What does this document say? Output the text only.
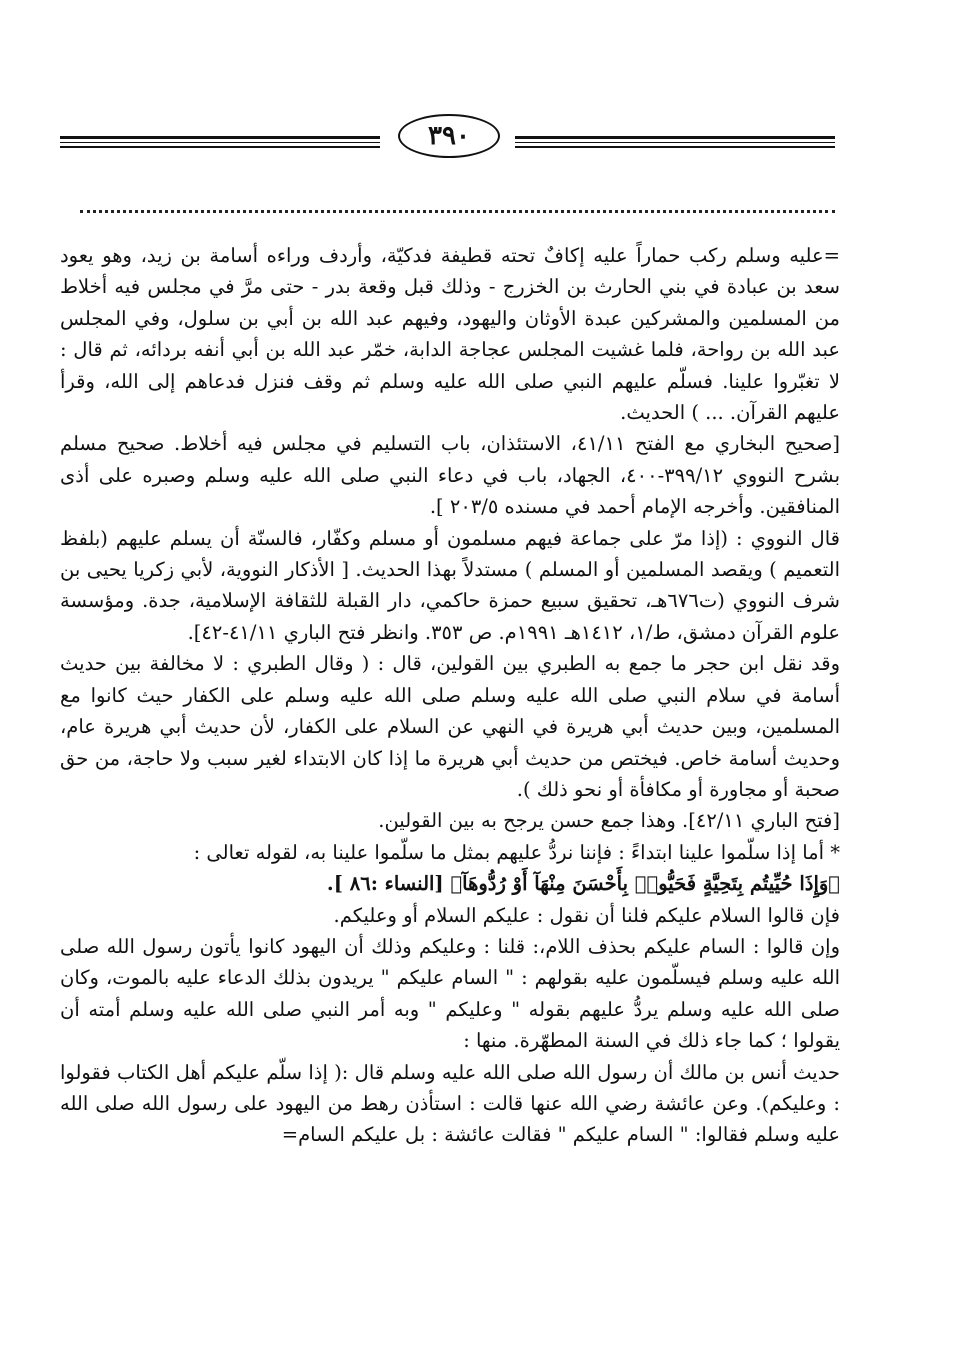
٣٩٠

=عليه وسلم ركب حماراً عليه إكافٌ تحته قطيفة فدكيّة، وأردف وراءه أسامة بن زيد، وهو يعود سعد بن عبادة في بني الحارث بن الخزرج - وذلك قبل وقعة بدر - حتى مرَّ في مجلس فيه أخلاط من المسلمين والمشركين عبدة الأوثان واليهود، وفيهم عبد الله بن أبي بن سلول، وفي المجلس عبد الله بن رواحة، فلما غشيت المجلس عجاجة الدابة، خمّر عبد الله بن أبي أنفه بردائه، ثم قال : لا تغبّروا علينا. فسلّم عليهم النبي صلى الله عليه وسلم ثم وقف فنزل فدعاهم إلى الله، وقرأ عليهم القرآن. ... ) الحديث.

[صحيح البخاري مع الفتح ٤١/١١، الاستئذان، باب التسليم في مجلس فيه أخلاط. صحيح مسلم بشرح النووي ٣٩٩/١٢-٤٠٠، الجهاد، باب في دعاء النبي صلى الله عليه وسلم وصبره على أذى المنافقين. وأخرجه الإمام أحمد في مسنده ٢٠٣/٥ ].

قال النووي : (إذا مرّ على جماعة فيهم مسلمون أو مسلم وكفّار، فالسنّة أن يسلم عليهم (بلفظ التعميم ) ويقصد المسلمين أو المسلم ) مستدلاً بهذا الحديث. [ الأذكار النووية، لأبي زكريا يحيى بن شرف النووي (ت٦٧٦هـ، تحقيق سبيع حمزة حاكمي، دار القبلة للثقافة الإسلامية، جدة. ومؤسسة علوم القرآن دمشق، ط/١، ١٤١٢هـ ١٩٩١م. ص ٣٥٣. وانظر فتح الباري ٤١/١١-٤٢].

وقد نقل ابن حجر ما جمع به الطبري بين القولين، قال : ( وقال الطبري : لا مخالفة بين حديث أسامة في سلام النبي صلى الله عليه وسلم صلى الله عليه وسلم على الكفار حيث كانوا مع المسلمين، وبين حديث أبي هريرة في النهي عن السلام على الكفار، لأن حديث أبي هريرة عام، وحديث أسامة خاص. فيختص من حديث أبي هريرة ما إذا كان الابتداء لغير سبب ولا حاجة، من حق صحبة أو مجاورة أو مكافأة أو نحو ذلك ).

[فتح الباري ٤٢/١١]. وهذا جمع حسن يرجح به بين القولين.

* أما إذا سلّموا علينا ابتداءً : فإننا نردُّ عليهم بمثل ما سلّموا علينا به، لقوله تعالى :

﴿وَإِذَا حُيِّيتُم بِتَحِيَّةٍ فَحَيُّوا۟ بِأَحْسَنَ مِنْهَآ أَوْ رُدُّوهَآ﴾ [النساء :٨٦ ].

فإن قالوا السلام عليكم فلنا أن نقول : عليكم السلام أو وعليكم.

وإن قالوا : السام عليكم بحذف اللام،: قلنا : وعليكم وذلك أن اليهود كانوا يأتون رسول الله صلى الله عليه وسلم فيسلّمون عليه بقولهم : " السام عليكم " يريدون بذلك الدعاء عليه بالموت، وكان صلى الله عليه وسلم يردُّ عليهم بقوله " وعليكم " وبه أمر النبي صلى الله عليه وسلم أمته أن يقولوا ؛ كما جاء ذلك في السنة المطهّرة. منها :

حديث أنس بن مالك أن رسول الله صلى الله عليه وسلم قال :( إذا سلّم عليكم أهل الكتاب فقولوا : وعليكم). وعن عائشة رضي الله عنها قالت : استأذن رهط من اليهود على رسول الله صلى الله عليه وسلم فقالوا: " السام عليكم " فقالت عائشة : بل عليكم السام=
